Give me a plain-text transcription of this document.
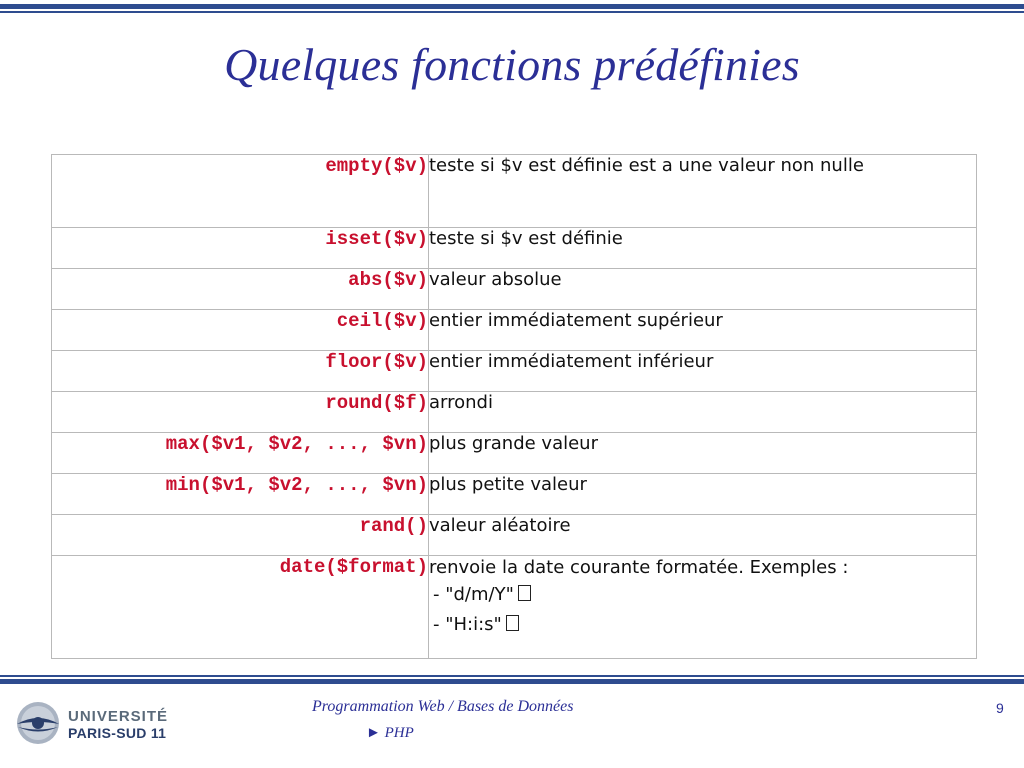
Quelques fonctions prédéfinies
empty($v)	teste si $v est définie est a une valeur non nulle
isset($v)	teste si $v est définie
abs($v)	valeur absolue
ceil($v)	entier immédiatement supérieur
floor($v)	entier immédiatement inférieur
round($f)	arrondi
max($v1, $v2, ..., $vn)	plus grande valeur
min($v1, $v2, ..., $vn)	plus petite valeur
rand()	valeur aléatoire
date($format)	renvoie la date courante formatée. Exemples :
- "d/m/Y"
- "H:i:s"
UNIVERSITÉ
PARIS-SUD 11
Programmation Web / Bases de Données
► PHP
9
